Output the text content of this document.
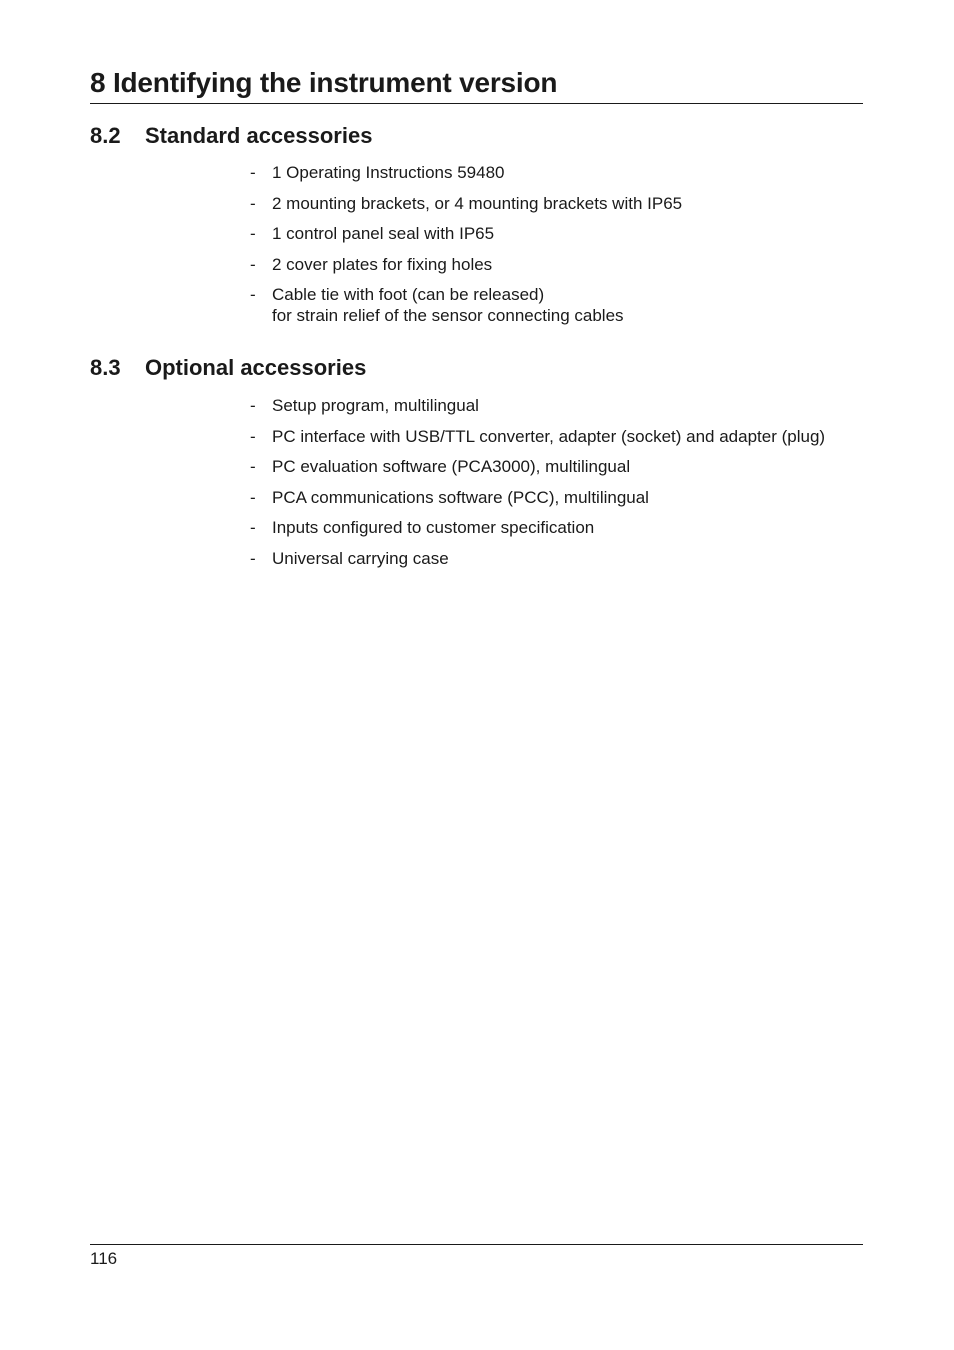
8 Identifying the instrument version
8.2 Standard accessories
- 1 Operating Instructions 59480
- 2 mounting brackets, or 4 mounting brackets with IP65
- 1 control panel seal with IP65
- 2 cover plates for fixing holes
- Cable tie with foot (can be released)
for strain relief of the sensor connecting cables
8.3 Optional accessories
- Setup program, multilingual
- PC interface with USB/TTL converter, adapter (socket) and adapter (plug)
- PC evaluation software (PCA3000), multilingual
- PCA communications software (PCC), multilingual
- Inputs configured to customer specification
- Universal carrying case
116
